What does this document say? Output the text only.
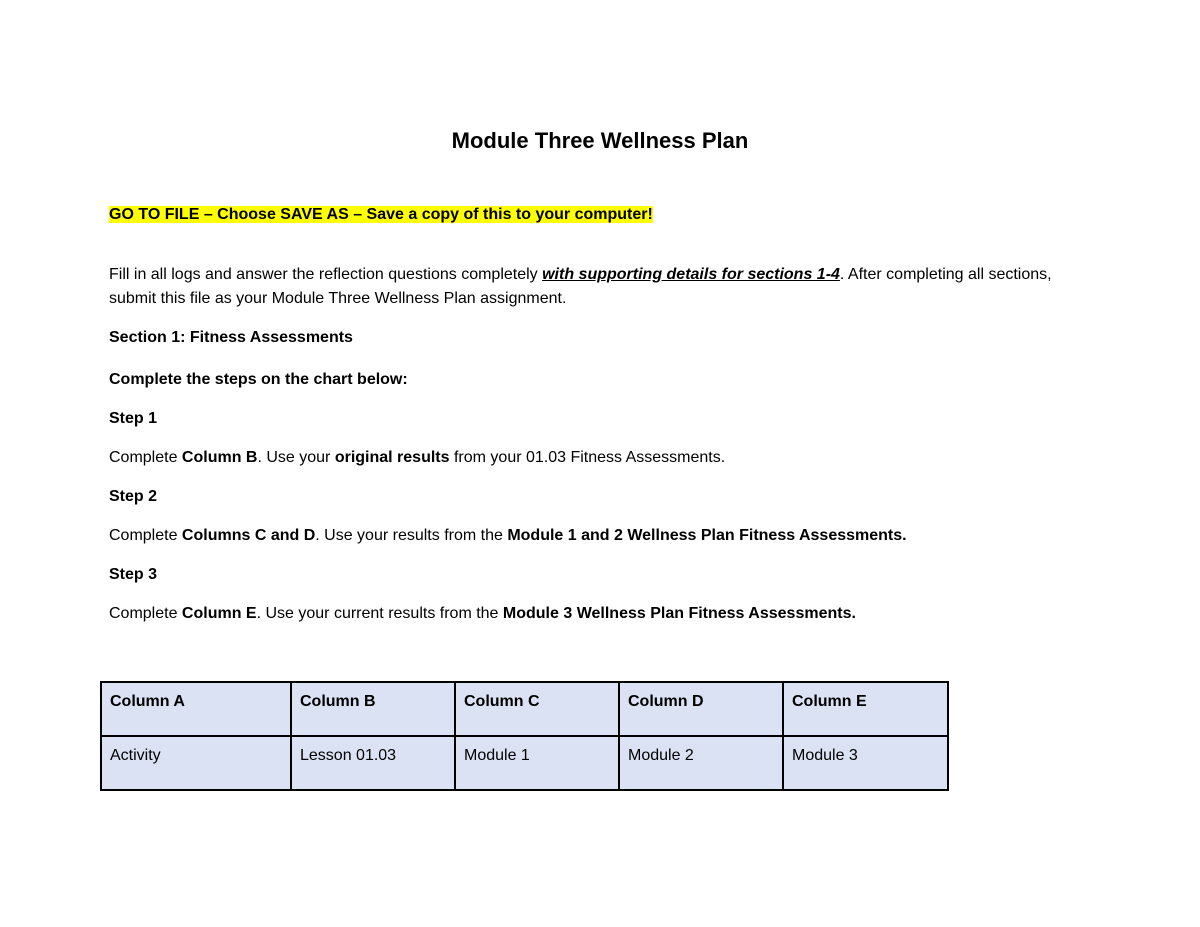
Module Three Wellness Plan

GO TO FILE – Choose SAVE AS – Save a copy of this to your computer!

Fill in all logs and answer the reflection questions completely with supporting details for sections 1-4. After completing all sections, submit this file as your Module Three Wellness Plan assignment.

Section 1: Fitness Assessments

Complete the steps on the chart below:

Step 1

Complete Column B. Use your original results from your 01.03 Fitness Assessments.

Step 2

Complete Columns C and D. Use your results from the Module 1 and 2 Wellness Plan Fitness Assessments.

Step 3

Complete Column E. Use your current results from the Module 3 Wellness Plan Fitness Assessments.

Column A	Column B	Column C	Column D	Column E
Activity	Lesson 01.03	Module 1	Module 2	Module 3
